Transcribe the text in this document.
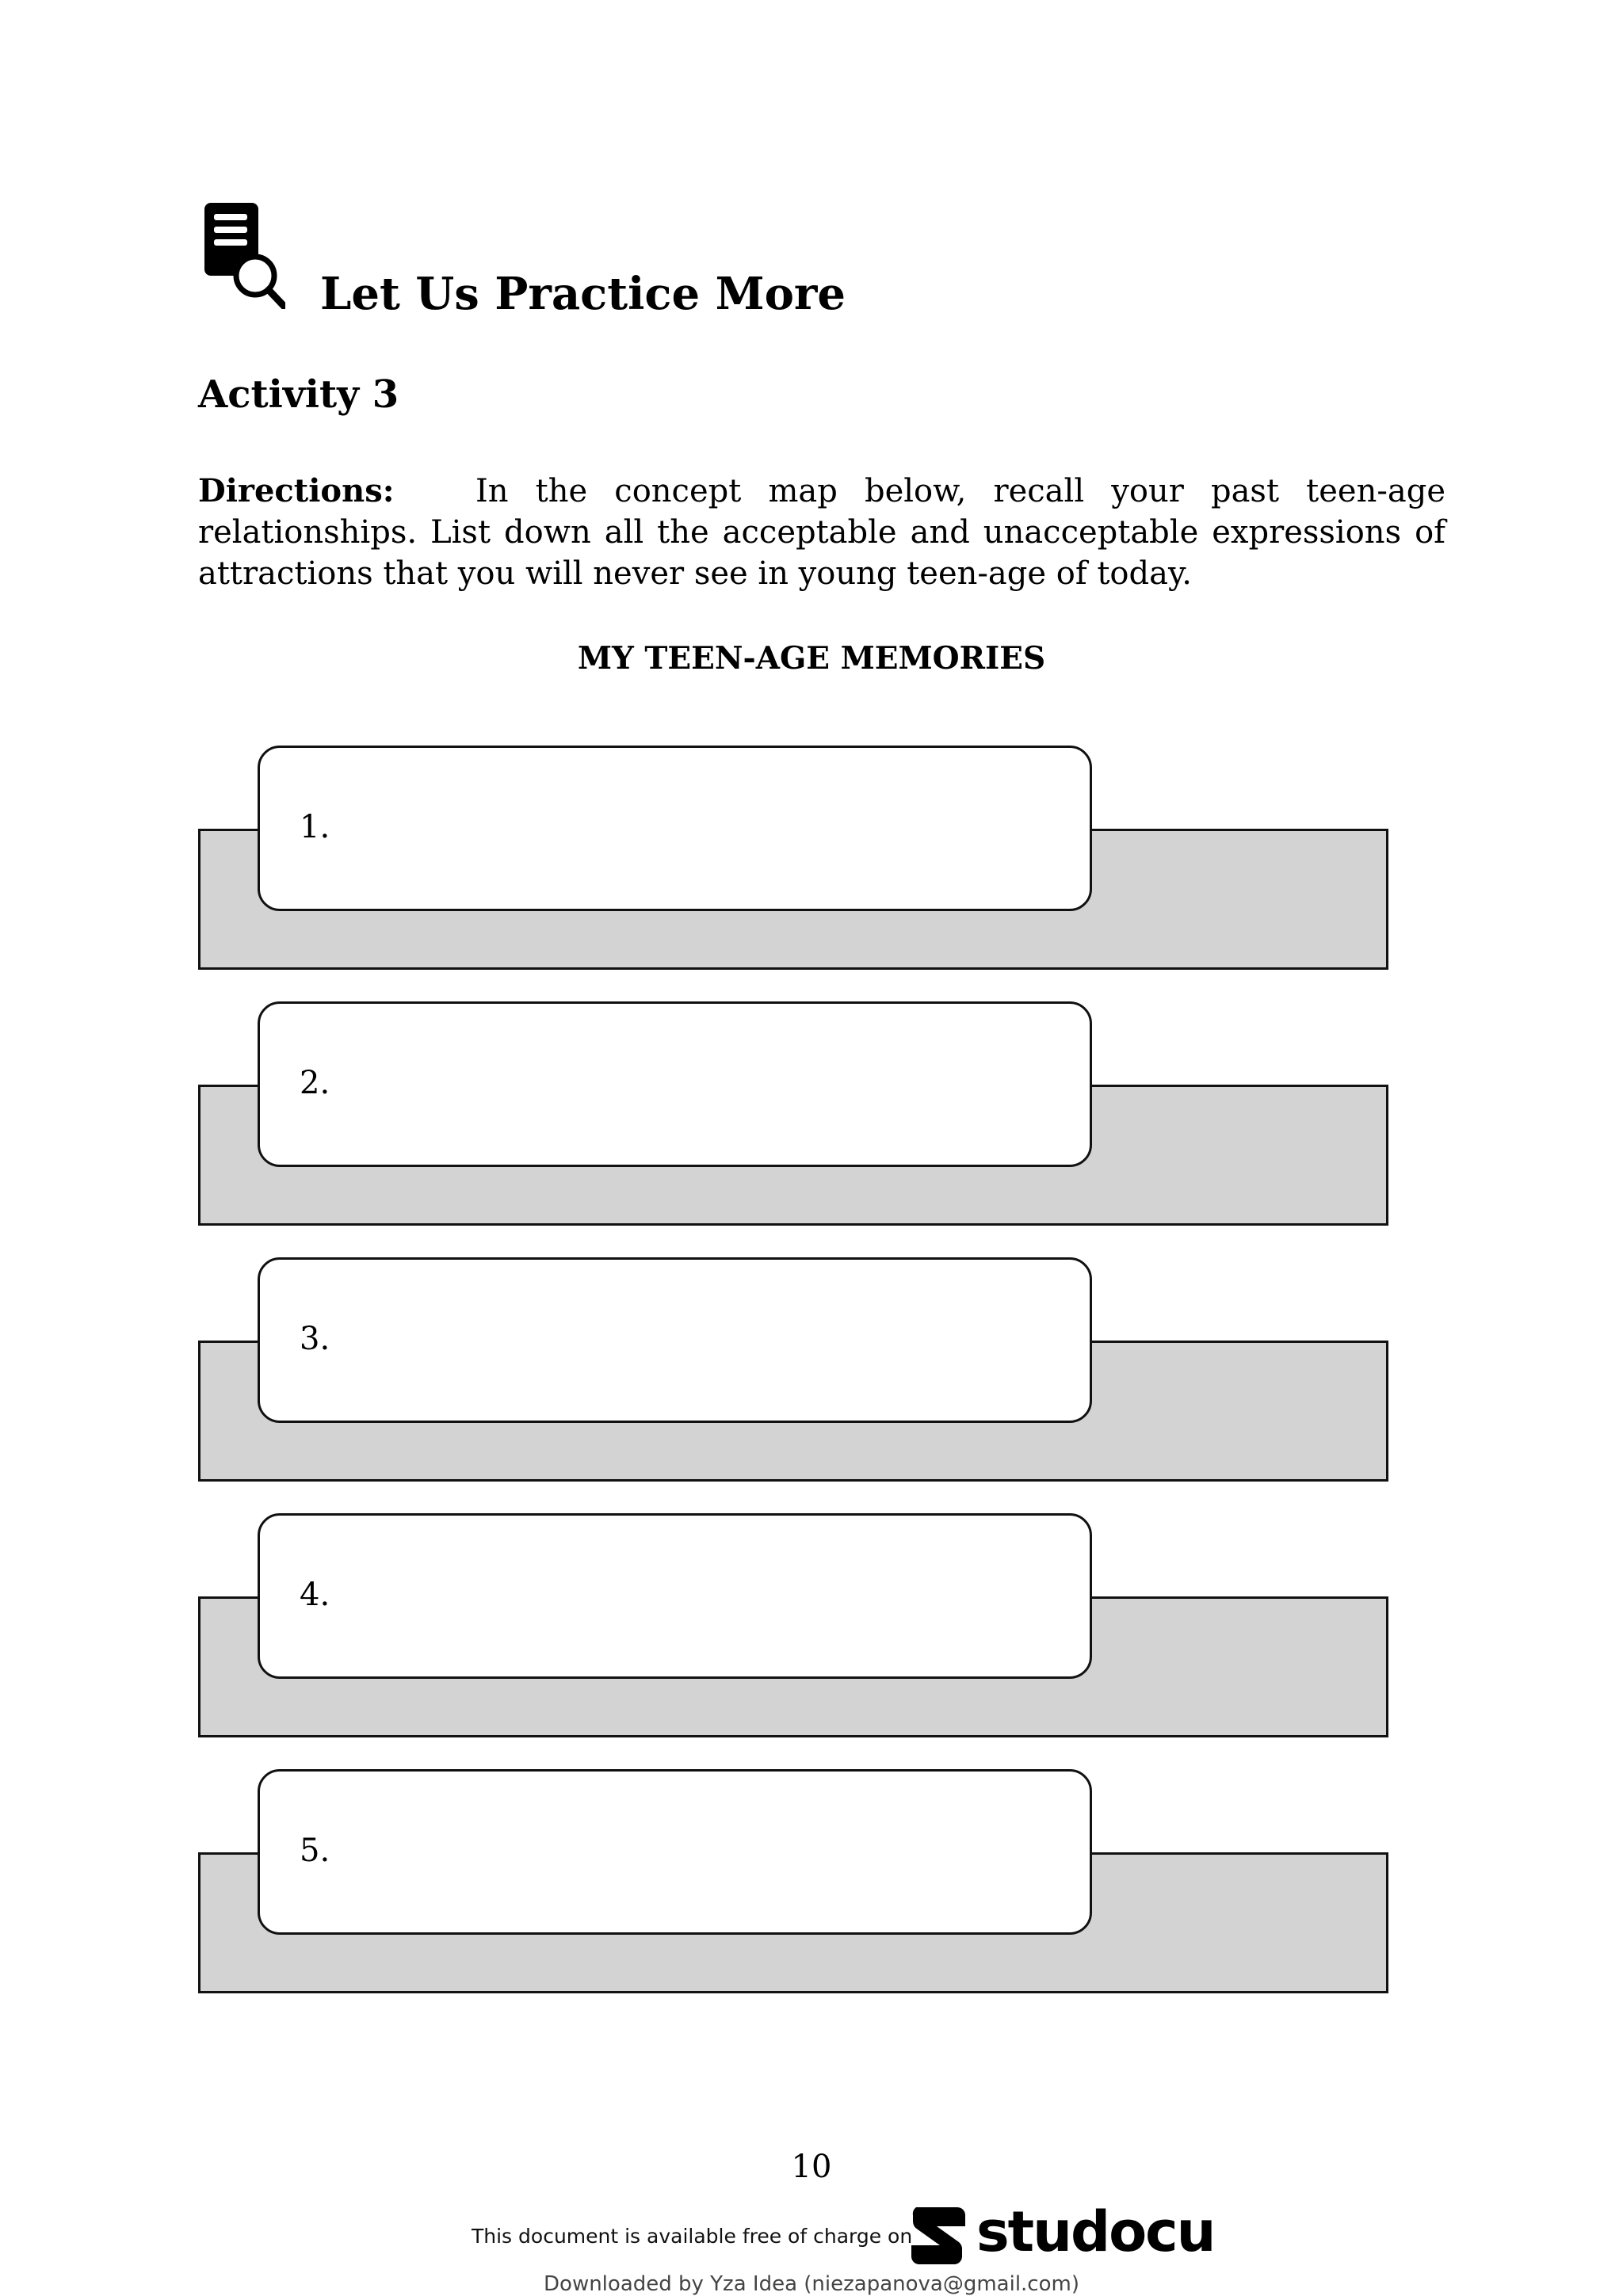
Let Us Practice More
Activity 3
Directions:	In the concept map below, recall your past teen-age relationships. List down all the acceptable and unacceptable expressions of attractions that you will never see in young teen-age of today.
MY TEEN-AGE MEMORIES
1.
2.
3.
4.
5.
10
This document is available free of charge on studocu
Downloaded by Yza Idea (niezapanova@gmail.com)
